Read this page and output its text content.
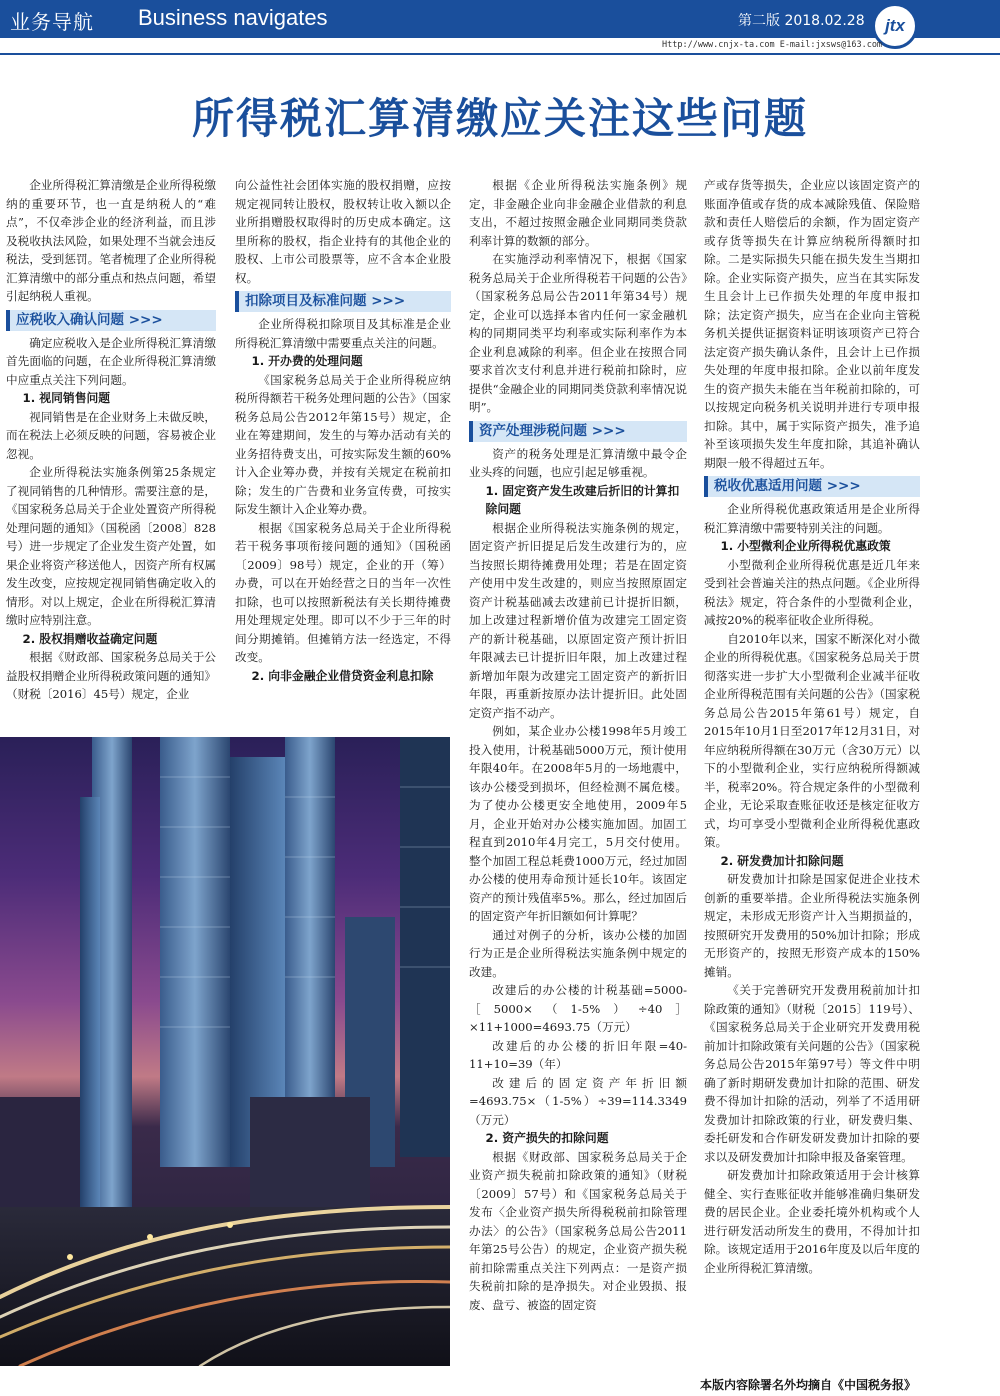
业务导航 Business navigates	第二版 2018.02.28	jtx
Http://www.cnjx-ta.com E-mail:jxsws@163.com
所得税汇算清缴应关注这些问题

企业所得税汇算清缴是企业所得税缴纳的重要环节，也一直是纳税人的“难点”，不仅牵涉企业的经济利益，而且涉及税收执法风险，如果处理不当就会违反税法，受到惩罚。笔者梳理了企业所得税汇算清缴中的部分重点和热点问题，希望引起纳税人重视。

应税收入确认问题 >>>

确定应税收入是企业所得税汇算清缴首先面临的问题，在企业所得税汇算清缴中应重点关注下列问题。

1. 视同销售问题

视同销售是在企业财务上未做反映，而在税法上必须反映的问题，容易被企业忽视。

企业所得税法实施条例第25条规定了视同销售的几种情形。需要注意的是，《国家税务总局关于企业处置资产所得税处理问题的通知》（国税函〔2008〕828号）进一步规定了企业发生资产处置，如果企业将资产移送他人，因资产所有权属发生改变，应按规定视同销售确定收入的情形。对以上规定，企业在所得税汇算清缴时应特别注意。

2. 股权捐赠收益确定问题

根据《财政部、国家税务总局关于公益股权捐赠企业所得税政策问题的通知》（财税〔2016〕45号）规定，企业

向公益性社会团体实施的股权捐赠，应按规定视同转让股权，股权转让收入额以企业所捐赠股权取得时的历史成本确定。这里所称的股权，指企业持有的其他企业的股权、上市公司股票等，应不含本企业股权。

扣除项目及标准问题 >>>

企业所得税扣除项目及其标准是企业所得税汇算清缴中需要重点关注的问题。

1. 开办费的处理问题

《国家税务总局关于企业所得税应纳税所得额若干税务处理问题的公告》（国家税务总局公告2012年第15号）规定，企业在筹建期间，发生的与筹办活动有关的业务招待费支出，可按实际发生额的60%计入企业筹办费，并按有关规定在税前扣除；发生的广告费和业务宣传费，可按实际发生额计入企业筹办费。

根据《国家税务总局关于企业所得税若干税务事项衔接问题的通知》（国税函〔2009〕98号）规定，企业的开（筹）办费，可以在开始经营之日的当年一次性扣除，也可以按照新税法有关长期待摊费用处理规定处理。即可以不少于三年的时间分期摊销。但摊销方法一经选定，不得改变。

2. 向非金融企业借贷资金利息扣除

根据《企业所得税法实施条例》规定，非金融企业向非金融企业借款的利息支出，不超过按照金融企业同期同类贷款利率计算的数额的部分。

在实施浮动利率情况下，根据《国家税务总局关于企业所得税若干问题的公告》（国家税务总局公告2011年第34号）规定，企业可以选择本省内任何一家金融机构的同期同类平均利率或实际利率作为本企业利息减除的利率。但企业在按照合同要求首次支付利息并进行税前扣除时，应提供“金融企业的同期同类贷款利率情况说明”。

资产处理涉税问题 >>>

资产的税务处理是汇算清缴中最令企业头疼的问题，也应引起足够重视。

1. 固定资产发生改建后折旧的计算扣除问题

根据企业所得税法实施条例的规定，固定资产折旧提足后发生改建行为的，应当按照长期待摊费用处理；若是在固定资产使用中发生改建的，则应当按照原固定资产计税基础减去改建前已计提折旧额，加上改建过程新增价值为改建完工固定资产的新计税基础，以原固定资产预计折旧年限减去已计提折旧年限，加上改建过程新增加年限为改建完工固定资产的新折旧年限，再重新按原办法计提折旧。此处固定资产指不动产。

例如，某企业办公楼1998年5月竣工投入使用，计税基础5000万元，预计使用年限40年。在2008年5月的一场地震中，该办公楼受到损坏，但经检测不属危楼。为了使办公楼更安全地使用，2009年5月，企业开始对办公楼实施加固。加固工程直到2010年4月完工，5月交付使用。整个加固工程总耗费1000万元，经过加固办公楼的使用寿命预计延长10年。该固定资产的预计残值率5%。那么，经过加固后的固定资产年折旧额如何计算呢？

通过对例子的分析，该办公楼的加固行为正是企业所得税法实施条例中规定的改建。

改建后的办公楼的计税基础=5000-［5000×（1-5%）÷40］×11+1000=4693.75（万元）

改建后的办公楼的折旧年限=40-11+10=39（年）

改建后的固定资产年折旧额=4693.75×（1-5%）÷39=114.3349（万元）

2. 资产损失的扣除问题

根据《财政部、国家税务总局关于企业资产损失税前扣除政策的通知》（财税〔2009〕57号）和《国家税务总局关于发布〈企业资产损失所得税税前扣除管理办法〉的公告》（国家税务总局公告2011年第25号公告）的规定，企业资产损失税前扣除需重点关注下列两点：一是资产损失税前扣除的是净损失。对企业毁损、报废、盘亏、被盗的固定资

产或存货等损失，企业应以该固定资产的账面净值或存货的成本减除残值、保险赔款和责任人赔偿后的余额，作为固定资产或存货等损失在计算应纳税所得额时扣除。二是实际损失只能在损失发生当期扣除。企业实际资产损失，应当在其实际发生且会计上已作损失处理的年度申报扣除；法定资产损失，应当在企业向主管税务机关提供证据资料证明该项资产已符合法定资产损失确认条件，且会计上已作损失处理的年度申报扣除。企业以前年度发生的资产损失未能在当年税前扣除的，可以按规定向税务机关说明并进行专项申报扣除。其中，属于实际资产损失，准予追补至该项损失发生年度扣除，其追补确认期限一般不得超过五年。

税收优惠适用问题 >>>

企业所得税优惠政策适用是企业所得税汇算清缴中需要特别关注的问题。

1. 小型微利企业所得税优惠政策

小型微利企业所得税优惠是近几年来受到社会普遍关注的热点问题。《企业所得税法》规定，符合条件的小型微利企业，减按20%的税率征收企业所得税。

自2010年以来，国家不断深化对小微企业的所得税优惠。《国家税务总局关于贯彻落实进一步扩大小型微利企业减半征收企业所得税范围有关问题的公告》（国家税务总局公告2015年第61号）规定，自2015年10月1日至2017年12月31日，对年应纳税所得额在30万元（含30万元）以下的小型微利企业，实行应纳税所得额减半，税率20%。符合规定条件的小型微利企业，无论采取查账征收还是核定征收方式，均可享受小型微利企业所得税优惠政策。

2. 研发费加计扣除问题

研发费加计扣除是国家促进企业技术创新的重要举措。企业所得税法实施条例规定，未形成无形资产计入当期损益的，按照研究开发费用的50%加计扣除；形成无形资产的，按照无形资产成本的150%摊销。

《关于完善研究开发费用税前加计扣除政策的通知》（财税〔2015〕119号）、《国家税务总局关于企业研究开发费用税前加计扣除政策有关问题的公告》（国家税务总局公告2015年第97号）等文件中明确了新时期研发费加计扣除的范围、研发费不得加计扣除的活动，列举了不适用研发费加计扣除政策的行业，研发费归集、委托研发和合作研发研发费加计扣除的要求以及研发费加计扣除申报及备案管理。

研发费加计扣除政策适用于会计核算健全、实行查账征收并能够准确归集研发费的居民企业。企业委托境外机构或个人进行研发活动所发生的费用，不得加计扣除。该规定适用于2016年度及以后年度的企业所得税汇算清缴。

本版内容除署名外均摘自《中国税务报》
